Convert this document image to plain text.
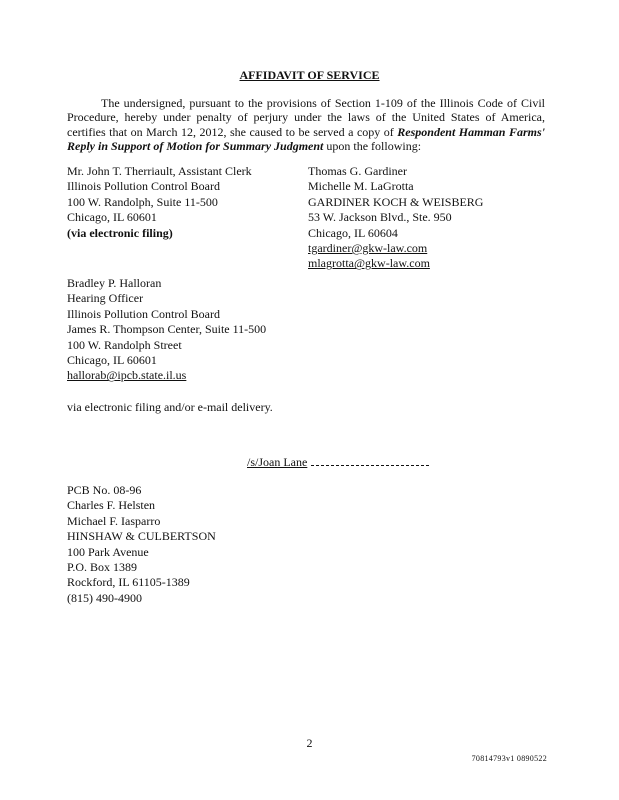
AFFIDAVIT OF SERVICE
The undersigned, pursuant to the provisions of Section 1-109 of the Illinois Code of Civil Procedure, hereby under penalty of perjury under the laws of the United States of America, certifies that on March 12, 2012, she caused to be served a copy of Respondent Hamman Farms' Reply in Support of Motion for Summary Judgment upon the following:
Mr. John T. Therriault, Assistant Clerk
Illinois Pollution Control Board
100 W. Randolph, Suite 11-500
Chicago, IL 60601
(via electronic filing)
Thomas G. Gardiner
Michelle M. LaGrotta
GARDINER KOCH & WEISBERG
53 W. Jackson Blvd., Ste. 950
Chicago, IL 60604
tgardiner@gkw-law.com
mlagrotta@gkw-law.com
Bradley P. Halloran
Hearing Officer
Illinois Pollution Control Board
James R. Thompson Center, Suite 11-500
100 W. Randolph Street
Chicago, IL 60601
hallorab@ipcb.state.il.us
via electronic filing and/or e-mail delivery.
/s/Joan Lane
PCB No. 08-96
Charles F. Helsten
Michael F. Iasparro
HINSHAW & CULBERTSON
100 Park Avenue
P.O. Box 1389
Rockford, IL 61105-1389
(815) 490-4900
2
70814793v1 0890522
